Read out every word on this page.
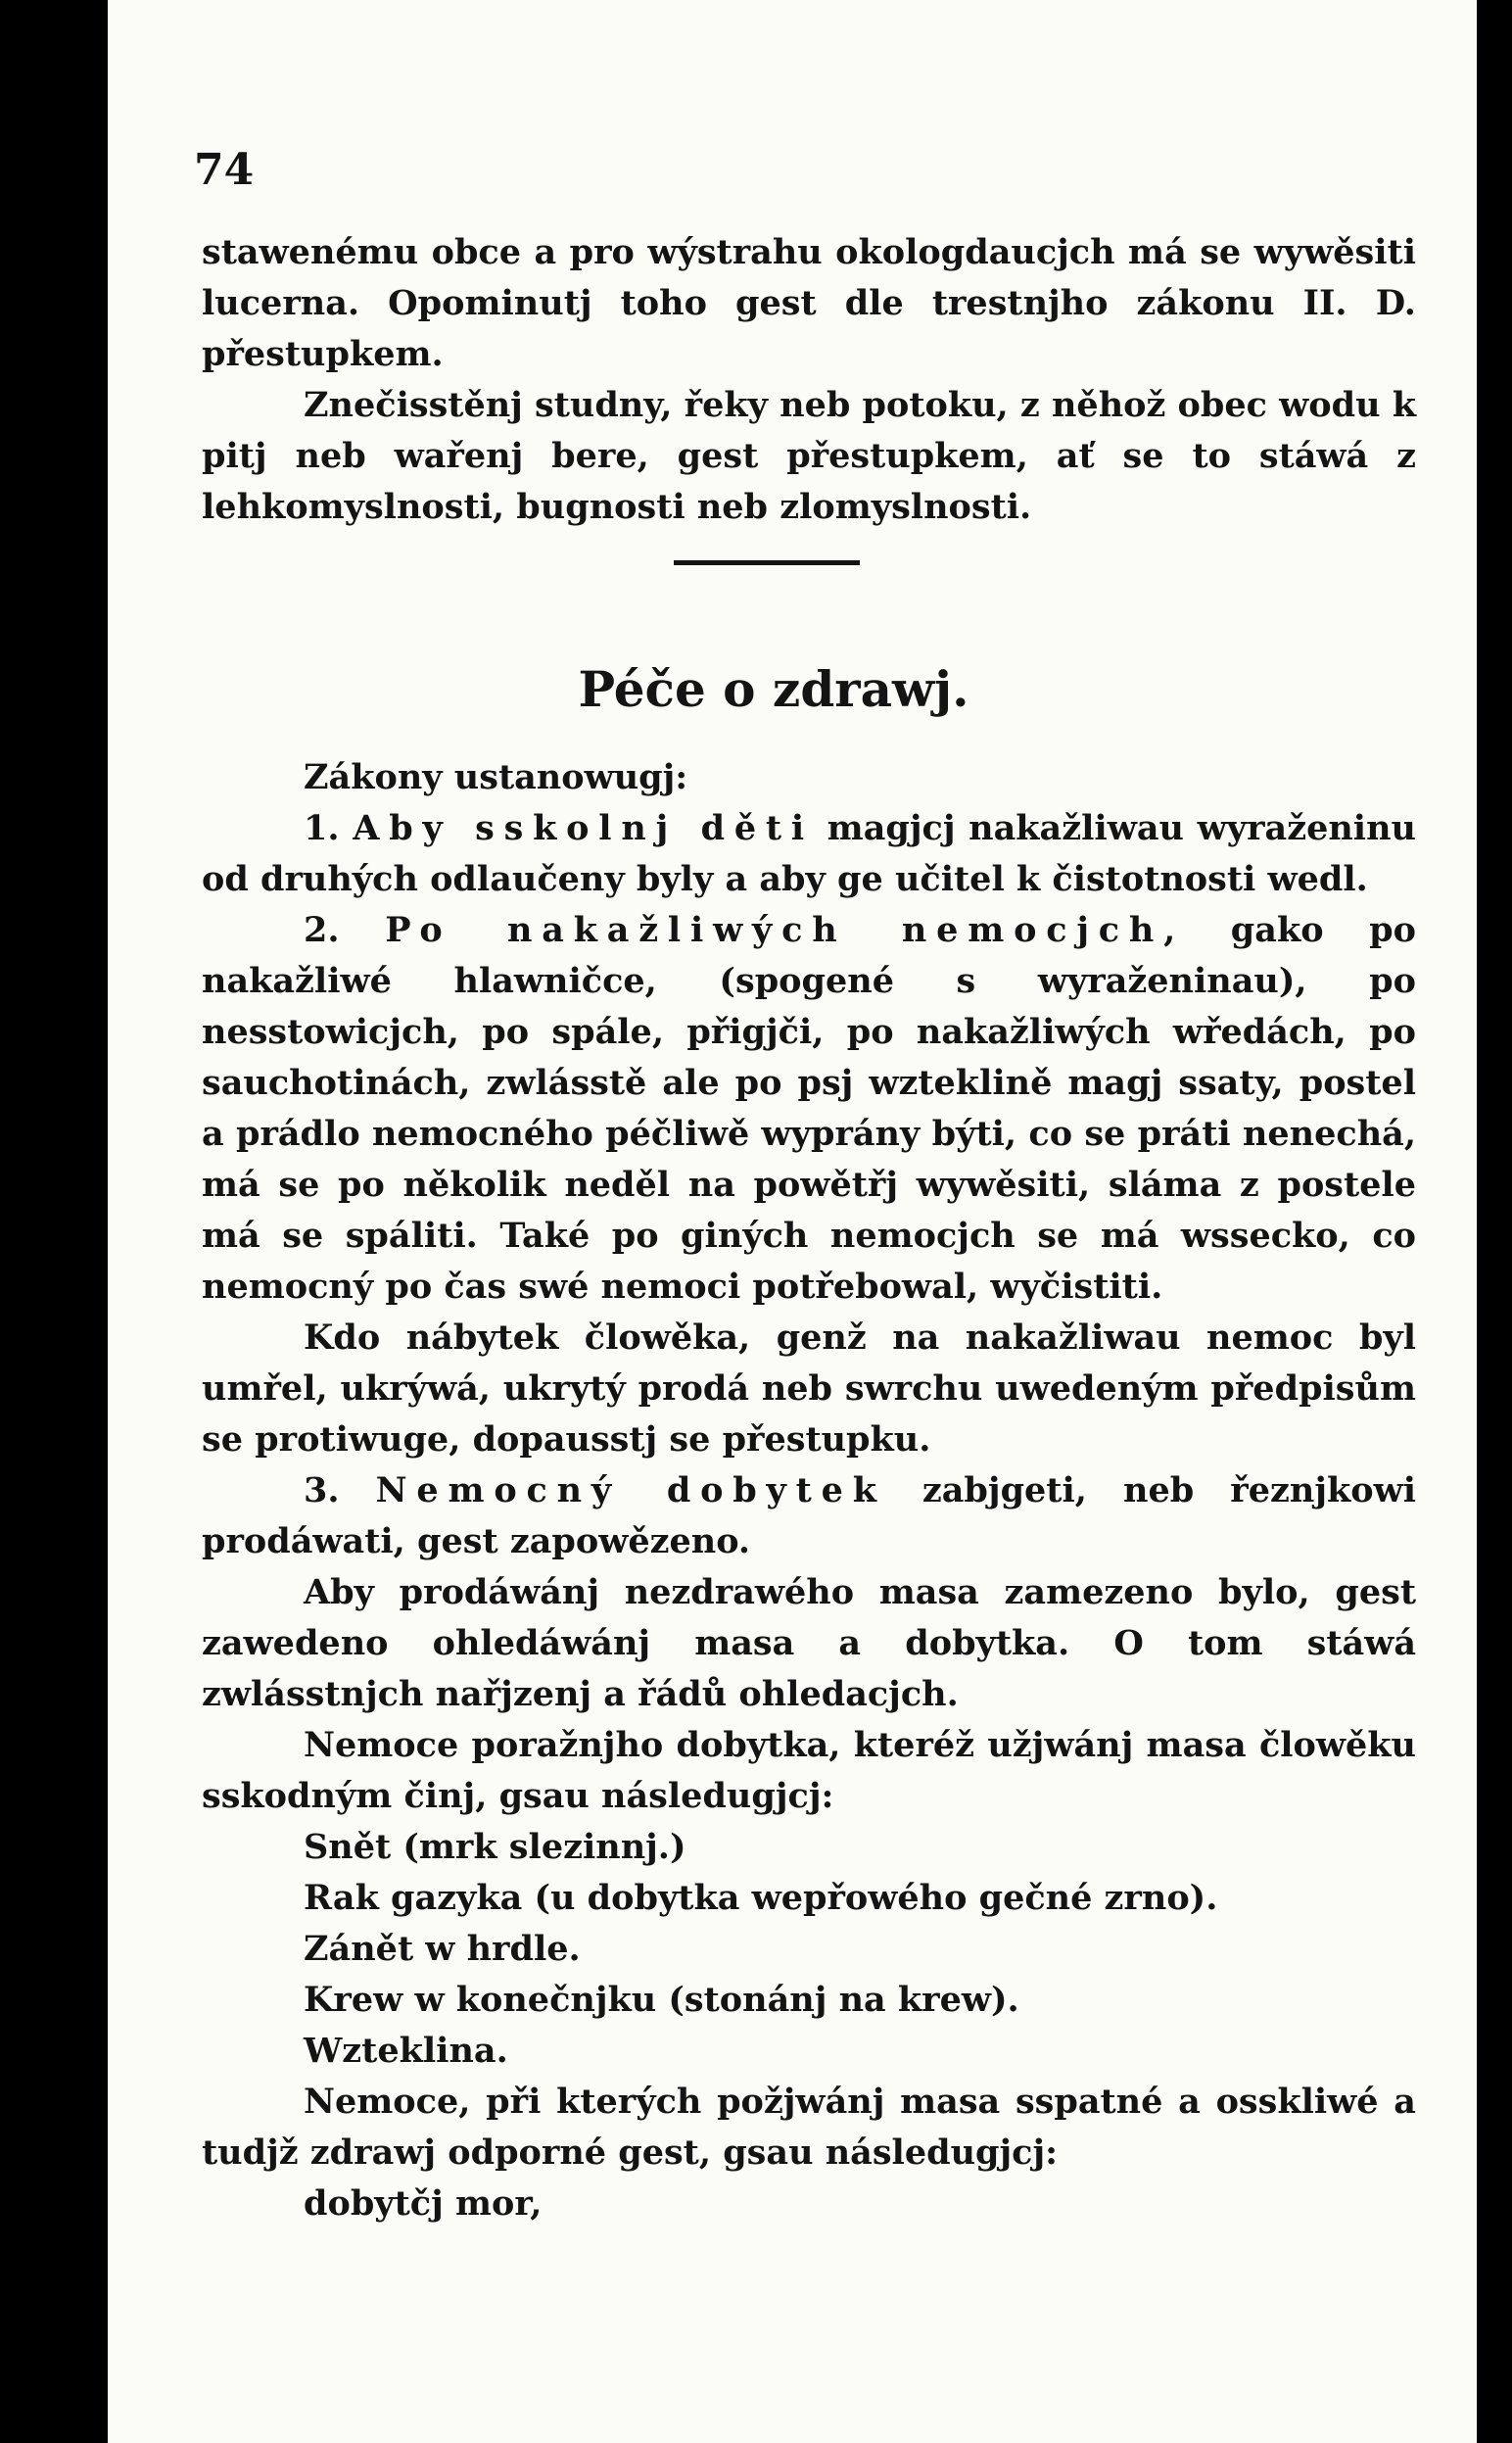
74

stawenému obce a pro wýstrahu okologdaucjch má se wywěsiti lucerna. Opominutj toho gest dle trestnjho zákonu II. D. přestupkem.

Znečisstěnj studny, řeky neb potoku, z něhož obec wodu k pitj neb wařenj bere, gest přestupkem, ať se to stáwá z lehkomyslnosti, bugnosti neb zlomyslnosti.

Péče o zdrawj.

Zákony ustanowugj:

1. Aby sskolnj děti magjcj nakažliwau wyraženinu od druhých odlaučeny byly a aby ge učitel k čistotnosti wedl.

2. Po nakažliwých nemocjch, gako po nakažliwé hlawničce, (spogené s wyraženinau), po nesstowicjch, po spále, přigjči, po nakažliwých wředách, po sauchotinách, zwlásstě ale po psj wzteklině magj ssaty, postel a prádlo nemocného péčliwě wyprány býti, co se práti nenechá, má se po několik neděl na powětřj wywěsiti, sláma z postele má se spáliti. Také po giných nemocjch se má wsseckо, co nemocný po čas swé nemoci potřebowal, wyčistiti.

Kdo nábytek člowěka, genž na nakažliwau nemoc byl umřel, ukrýwá, ukrytý prodá neb swrchu uwedeným předpisům se protiwuge, dopausstj se přestupku.

3. Nemocný dobytek zabjgeti, neb řeznjkowi prodáwati, gest zapowězeno.

Aby prodáwánj nezdrawého masa zamezeno bylo, gest zawedeno ohledáwánj masa a dobytka. O tom stáwá zwlásstnjch nařjzenj a řádů ohledacjch.

Nemoce poražnjho dobytka, kteréž užjwánj masa člowěku sskodným činj, gsau následugjcj:

Snět (mrk slezinnj.)

Rak gazyka (u dobytka wepřowého gečné zrno).

Zánět w hrdle.

Krew w konečnjku (stonánj na krew).

Wzteklina.

Nemoce, při kterých požjwánj masa sspatné a ossklіwé a tudjž zdrawj odporné gest, gsau následugjcj:

dobytčj mor,
